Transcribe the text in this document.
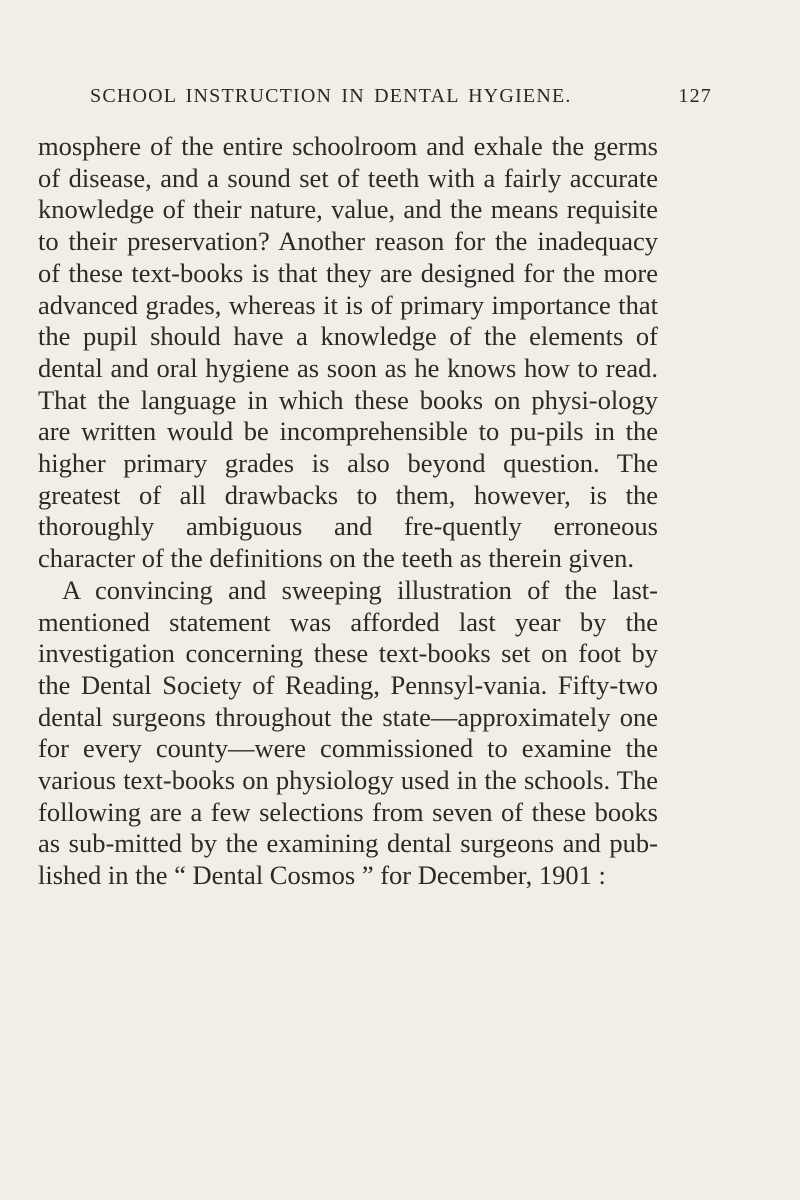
SCHOOL INSTRUCTION IN DENTAL HYGIENE.	127

mosphere of the entire schoolroom and exhale the germs of disease, and a sound set of teeth with a fairly accurate knowledge of their nature, value, and the means requisite to their preservation? Another reason for the inadequacy of these text-books is that they are designed for the more advanced grades, whereas it is of primary importance that the pupil should have a knowledge of the elements of dental and oral hygiene as soon as he knows how to read. That the language in which these books on physi-ology are written would be incomprehensible to pu-pils in the higher primary grades is also beyond question. The greatest of all drawbacks to them, however, is the thoroughly ambiguous and fre-quently erroneous character of the definitions on the teeth as therein given.

A convincing and sweeping illustration of the last-mentioned statement was afforded last year by the investigation concerning these text-books set on foot by the Dental Society of Reading, Pennsyl-vania. Fifty-two dental surgeons throughout the state—approximately one for every county—were commissioned to examine the various text-books on physiology used in the schools. The following are a few selections from seven of these books as sub-mitted by the examining dental surgeons and pub-lished in the “ Dental Cosmos ” for December, 1901 :
